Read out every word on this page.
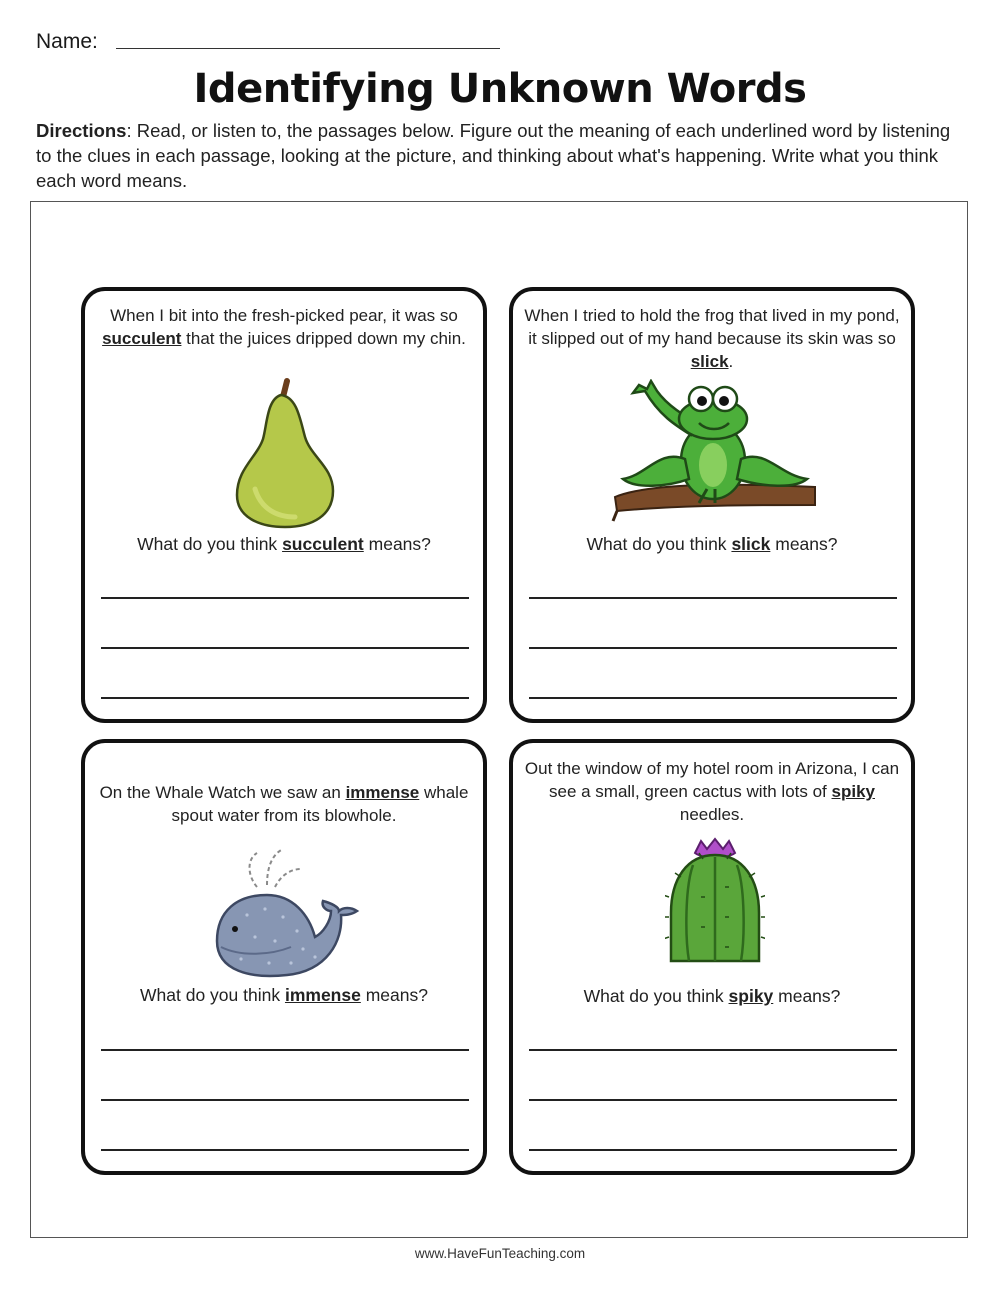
Name:
Identifying Unknown Words
Directions: Read, or listen to, the passages below. Figure out the meaning of each underlined word by listening to the clues in each passage, looking at the picture, and thinking about what's happening. Write what you think each word means.
When I bit into the fresh-picked pear, it was so succulent that the juices dripped down my chin.
What do you think succulent means?
When I tried to hold the frog that lived in my pond, it slipped out of my hand because its skin was so slick.
What do you think slick means?
On the Whale Watch we saw an immense whale spout water from its blowhole.
What do you think immense means?
Out the window of my hotel room in Arizona, I can see a small, green cactus with lots of spiky needles.
What do you think spiky means?
www.HaveFunTeaching.com
